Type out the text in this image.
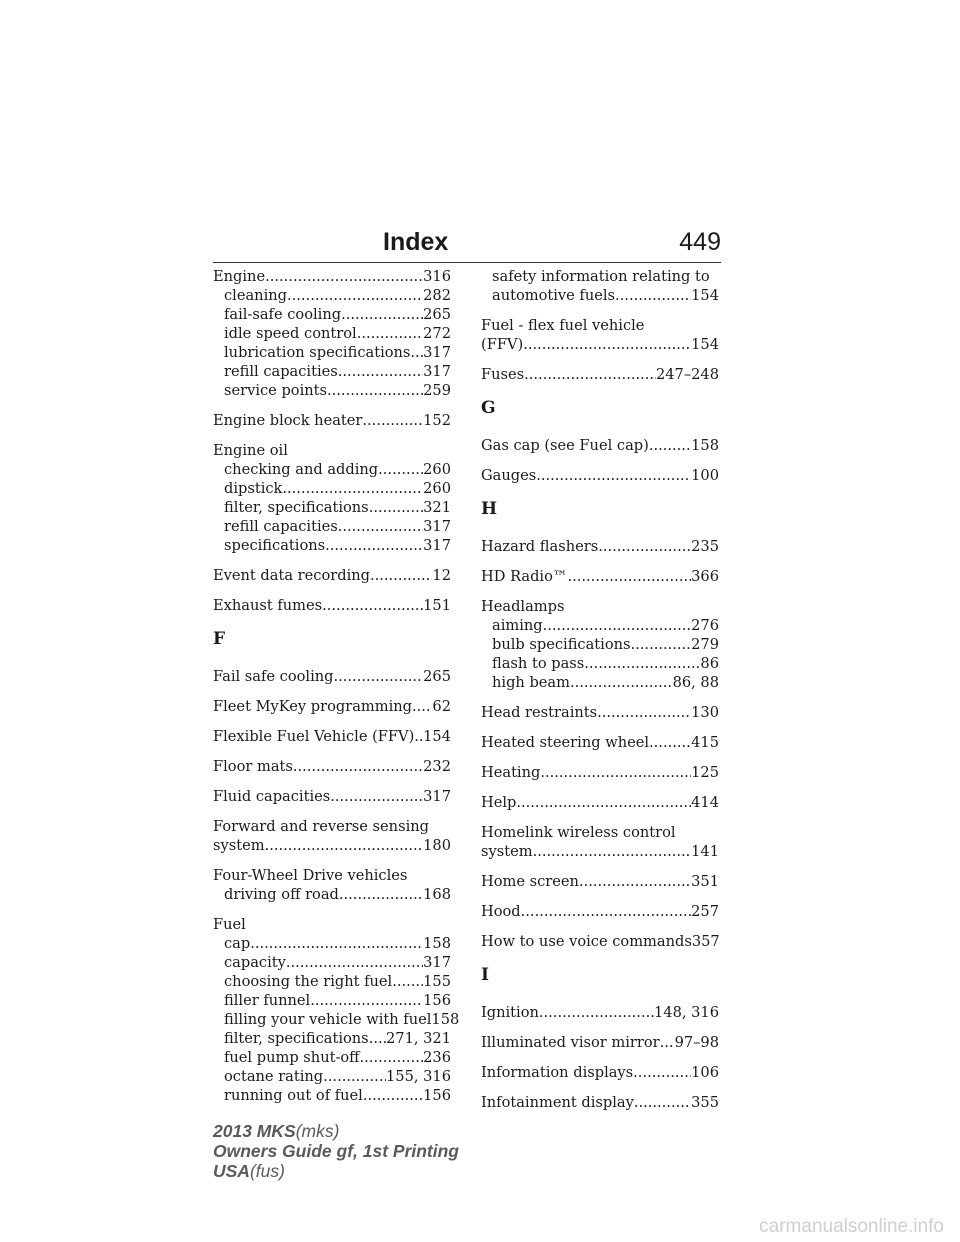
Index	449
Engine .....	316
cleaning .....	282
fail-safe cooling .....	265
idle speed control .....	272
lubrication specifications ..... 317
refill capacities .....	317
service points .....	259
Engine block heater .....	152
Engine oil
checking and adding .....	260
dipstick .....	260
filter, specifications .....	321
refill capacities .....	317
specifications .....	317
Event data recording .....	12
Exhaust fumes .....	151
F
Fail safe cooling .....	265
Fleet MyKey programming ..... 62
Flexible Fuel Vehicle (FFV) ..... 154
Floor mats .....	232
Fluid capacities .....	317
Forward and reverse sensing
system .....	180
Four-Wheel Drive vehicles
driving off road .....	168
Fuel
cap .....	158
capacity .....	317
choosing the right fuel ..... 155
filler funnel .....	156
filling your vehicle with fuel 158
filter, specifications ..... 271, 321
fuel pump shut-off .....	236
octane rating .....	155, 316
running out of fuel .....	156
safety information relating to
automotive fuels .....	154
Fuel - flex fuel vehicle
(FFV) .....	154
Fuses .....	247–248
G
Gas cap (see Fuel cap) .....	158
Gauges .....	100
H
Hazard flashers .....	235
HD Radio™ .....	366
Headlamps
aiming .....	276
bulb specifications .....	279
flash to pass .....	86
high beam .....	86, 88
Head restraints .....	130
Heated steering wheel .....	415
Heating .....	125
Help .....	414
Homelink wireless control
system .....	141
Home screen .....	351
Hood .....	257
How to use voice commands 357
I
Ignition .....	148, 316
Illuminated visor mirror ..... 97–98
Information displays .....	106
Infotainment display .....	355
2013 MKS(mks)
Owners Guide gf, 1st Printing
USA(fus)
carmanualsonline.info
